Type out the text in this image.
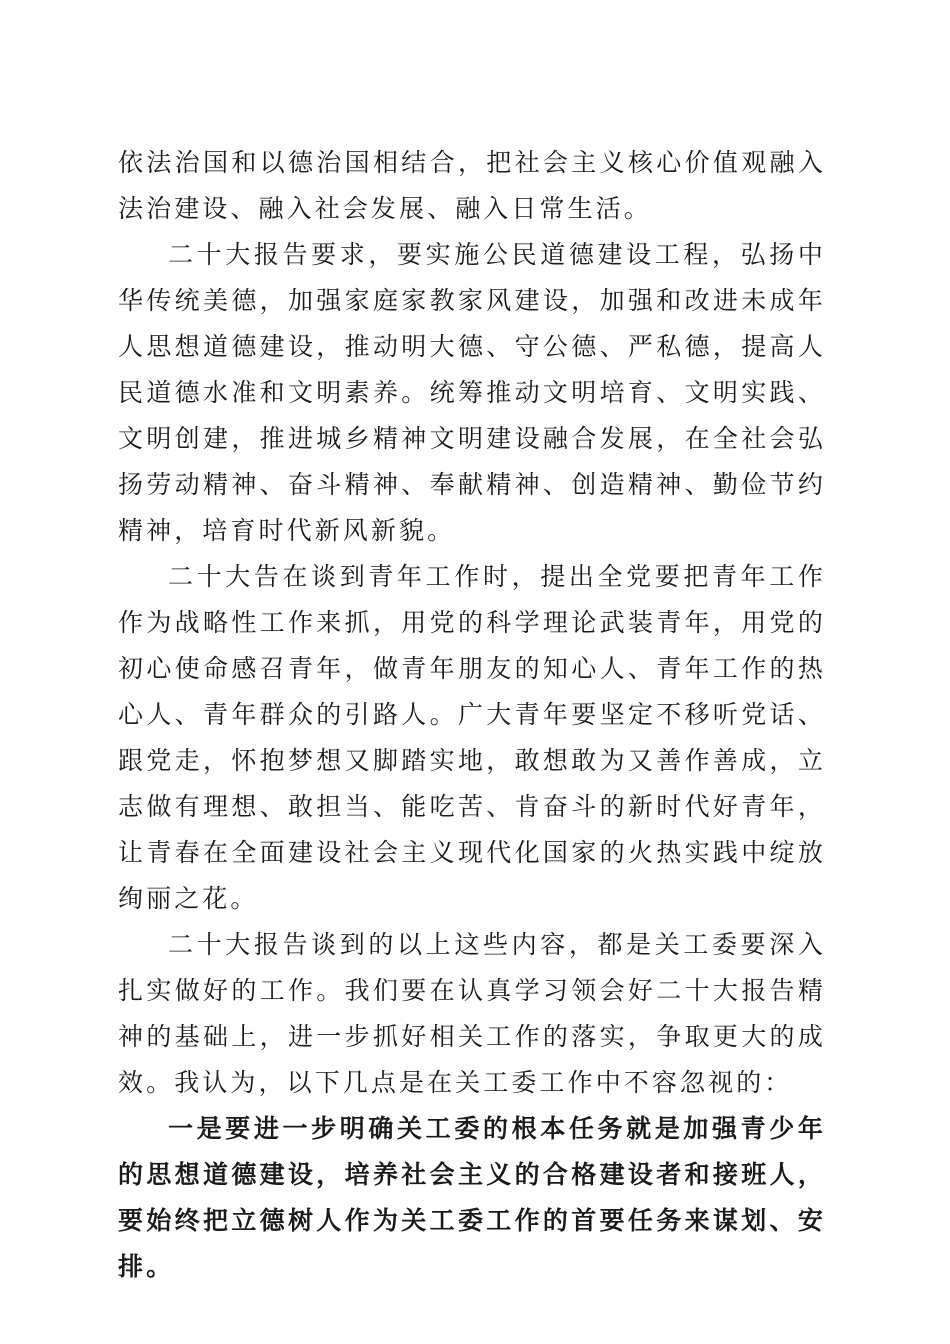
依法治国和以德治国相结合，把社会主义核心价值观融入法治建设、融入社会发展、融入日常生活。

二十大报告要求，要实施公民道德建设工程，弘扬中华传统美德，加强家庭家教家风建设，加强和改进未成年人思想道德建设，推动明大德、守公德、严私德，提高人民道德水准和文明素养。统筹推动文明培育、文明实践、文明创建，推进城乡精神文明建设融合发展，在全社会弘扬劳动精神、奋斗精神、奉献精神、创造精神、勤俭节约精神，培育时代新风新貌。

二十大告在谈到青年工作时，提出全党要把青年工作作为战略性工作来抓，用党的科学理论武装青年，用党的初心使命感召青年，做青年朋友的知心人、青年工作的热心人、青年群众的引路人。广大青年要坚定不移听党话、跟党走，怀抱梦想又脚踏实地，敢想敢为又善作善成，立志做有理想、敢担当、能吃苦、肯奋斗的新时代好青年，让青春在全面建设社会主义现代化国家的火热实践中绽放绚丽之花。

二十大报告谈到的以上这些内容，都是关工委要深入扎实做好的工作。我们要在认真学习领会好二十大报告精神的基础上，进一步抓好相关工作的落实，争取更大的成效。我认为，以下几点是在关工委工作中不容忽视的：

一是要进一步明确关工委的根本任务就是加强青少年的思想道德建设，培养社会主义的合格建设者和接班人，要始终把立德树人作为关工委工作的首要任务来谋划、安排。
